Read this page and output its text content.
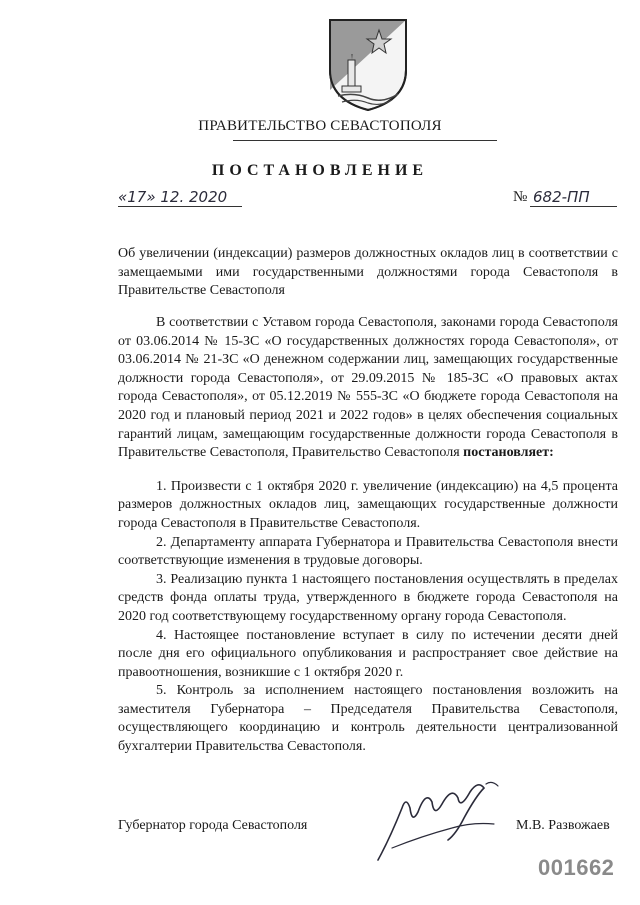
ПРАВИТЕЛЬСТВО СЕВАСТОПОЛЯ
ПОСТАНОВЛЕНИЕ
«17» 12. 2020	№ 682-ПП
Об увеличении (индексации) размеров должностных окладов лиц в соответствии с замещаемыми ими государственными должностями города Севастополя в Правительстве Севастополя

В соответствии с Уставом города Севастополя, законами города Севастополя от 03.06.2014 № 15-ЗС «О государственных должностях города Севастополя», от 03.06.2014 № 21-ЗС «О денежном содержании лиц, замещающих государственные должности города Севастополя», от 29.09.2015 № 185-ЗС «О правовых актах города Севастополя», от 05.12.2019 № 555-ЗС «О бюджете города Севастополя на 2020 год и плановый период 2021 и 2022 годов» в целях обеспечения социальных гарантий лицам, замещающим государственные должности города Севастополя в Правительстве Севастополя, Правительство Севастополя постановляет:

1. Произвести с 1 октября 2020 г. увеличение (индексацию) на 4,5 процента размеров должностных окладов лиц, замещающих государственные должности города Севастополя в Правительстве Севастополя.

2. Департаменту аппарата Губернатора и Правительства Севастополя внести соответствующие изменения в трудовые договоры.

3. Реализацию пункта 1 настоящего постановления осуществлять в пределах средств фонда оплаты труда, утвержденного в бюджете города Севастополя на 2020 год соответствующему государственному органу города Севастополя.

4. Настоящее постановление вступает в силу по истечении десяти дней после дня его официального опубликования и распространяет свое действие на правоотношения, возникшие с 1 октября 2020 г.

5. Контроль за исполнением настоящего постановления возложить на заместителя Губернатора – Председателя Правительства Севастополя, осуществляющего координацию и контроль деятельности централизованной бухгалтерии Правительства Севастополя.

Губернатор города Севастополя	М.В. Развожаев
001662
